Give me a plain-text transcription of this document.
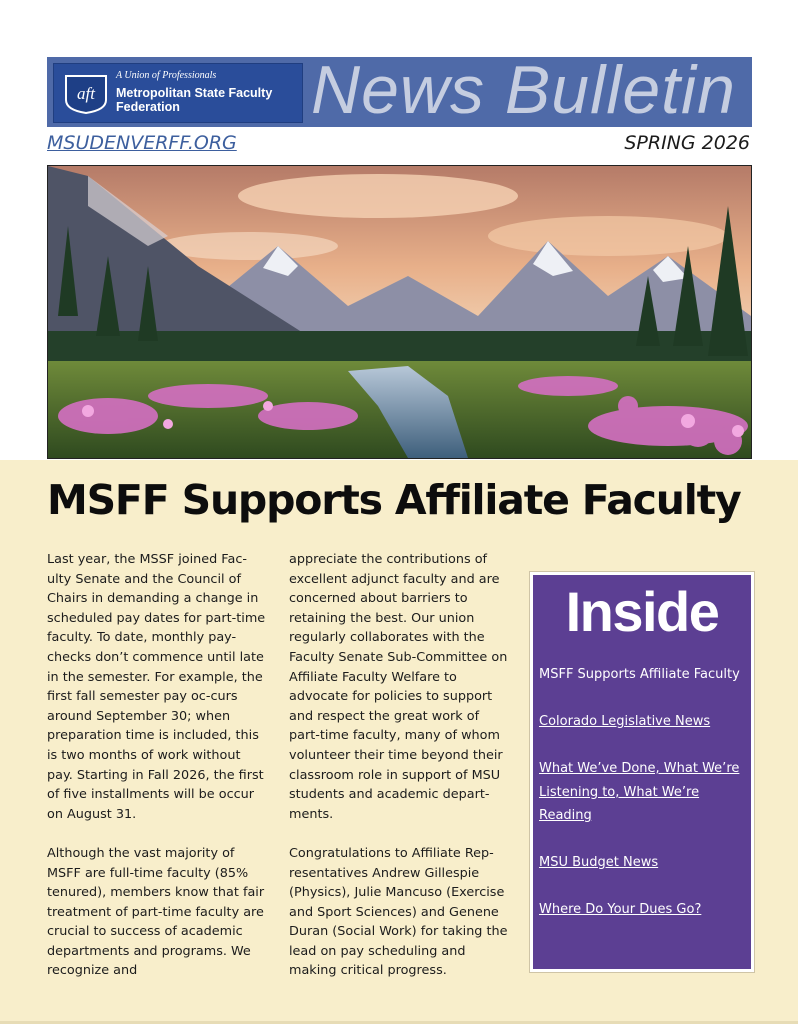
aft
A Union of Professionals
Metropolitan State Faculty Federation	News Bulletin
MSUDENVERFF.ORG	SPRING 2026
MSFF Supports Affiliate Faculty

Last year, the MSSF joined Fac-ulty Senate and the Council of Chairs in demanding a change in scheduled pay dates for part-time faculty. To date, monthly pay-checks don’t commence until late in the semester. For example, the first fall semester pay oc-curs around September 30; when preparation time is included, this is two months of work without pay. Starting in Fall 2026, the first of five installments will be occur on August 31.

Although the vast majority of MSFF are full-time faculty (85% tenured), members know that fair treatment of part-time faculty are crucial to success of academic departments and programs. We recognize and

appreciate the contributions of excellent adjunct faculty and are concerned about barriers to retaining the best. Our union regularly collaborates with the Faculty Senate Sub-Committee on Affiliate Faculty Welfare to advocate for policies to support and respect the great work of part-time faculty, many of whom volunteer their time beyond their classroom role in support of MSU students and academic depart-ments.

Congratulations to Affiliate Rep-resentatives Andrew Gillespie (Physics), Julie Mancuso (Exercise and Sport Sciences) and Genene Duran (Social Work) for taking the lead on pay scheduling and making critical progress.

Inside
MSFF Supports Affiliate Faculty
Colorado Legislative News
What We’ve Done, What We’re Listening to, What We’re Reading
MSU Budget News
Where Do Your Dues Go?
